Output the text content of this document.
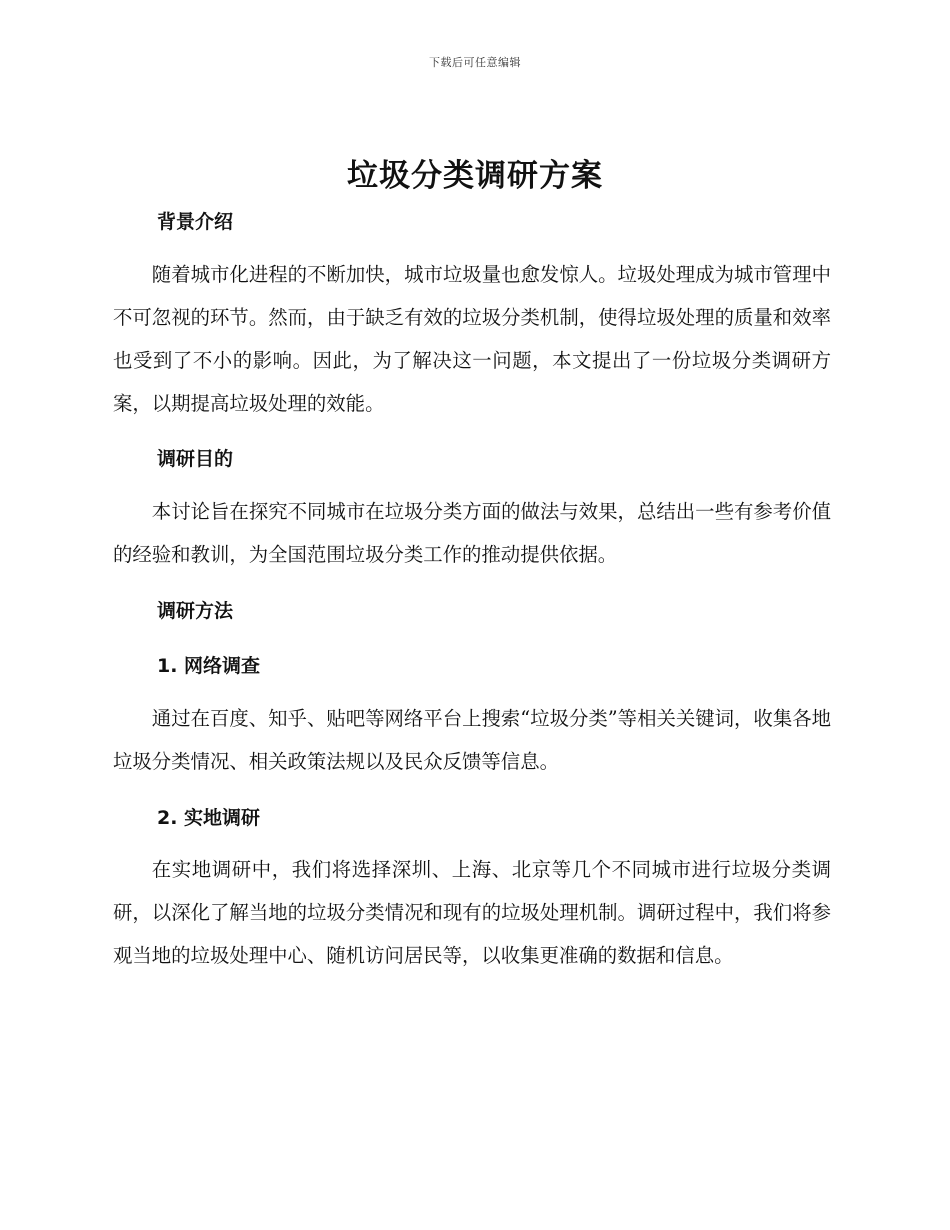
下载后可任意编辑
垃圾分类调研方案
背景介绍

随着城市化进程的不断加快，城市垃圾量也愈发惊人。垃圾处理成为城市管理中不可忽视的环节。然而，由于缺乏有效的垃圾分类机制，使得垃圾处理的质量和效率也受到了不小的影响。因此，为了解决这一问题，本文提出了一份垃圾分类调研方案，以期提高垃圾处理的效能。

调研目的

本讨论旨在探究不同城市在垃圾分类方面的做法与效果，总结出一些有参考价值的经验和教训，为全国范围垃圾分类工作的推动提供依据。

调研方法
1. 网络调查

通过在百度、知乎、贴吧等网络平台上搜索“垃圾分类”等相关关键词，收集各地垃圾分类情况、相关政策法规以及民众反馈等信息。

2. 实地调研

在实地调研中，我们将选择深圳、上海、北京等几个不同城市进行垃圾分类调研，以深化了解当地的垃圾分类情况和现有的垃圾处理机制。调研过程中，我们将参观当地的垃圾处理中心、随机访问居民等，以收集更准确的数据和信息。
